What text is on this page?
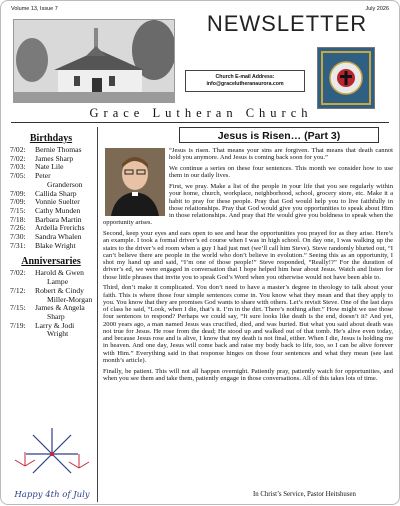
Volume 13, Issue 7	July 2026
NEWSLETTER
Church E-mail Address:
info@gracelutheranaurora.com
Grace Lutheran Church
Birthdays
7/02:	Bernie Thomas
7/02:	James Sharp
7/03:	Nate Lile
7/05:	Peter
Granderson
7/09:	Callida Sharp
7/09:	Vonnie Suelter
7/15:	Cathy Munden
7/18:	Barbara Martin
7/26:	Ardella Frerichs
7/30:	Sandra Whalen
7/31:	Blake Wright
Anniversaries
7/02:	Harold & Gwen
Lampe
7/12:	Robert & Cindy
Miller-Morgan
7/15:	James & Angela
Sharp
7/19:	Larry & Jodi
Wright
Happy 4th of July
Jesus is Risen… (Part 3)

“Jesus is risen. That means your sins are forgiven. That means that death cannot hold you anymore. And Jesus is coming back soon for you.”

We continue a series on these four sentences. This month we consider how to use them in our daily lives.

First, we pray. Make a list of the people in your life that you see regularly within your home, church, workplace, neighborhood, school, grocery store, etc. Make it a habit to pray for these people. Pray that God would help you to live faithfully in those relationships. Pray that God would give you opportunities to speak about Him in those relationships. And pray that He would give you boldness to speak when the opportunity arises.

Second, keep your eyes and ears open to see and hear the opportunities you prayed for as they arise. Here’s an example. I took a formal driver’s ed course when I was in high school. On day one, I was walking up the stairs to the driver’s ed room when a guy I had just met (we’ll call him Steve). Steve randomly blurted out, “I can’t believe there are people in the world who don’t believe in evolution.” Seeing this as an opportunity, I shot my hand up and said, “I’m one of those people!” Steve responded, “Really!?” For the duration of driver’s ed, we were engaged in conversation that I hope helped him hear about Jesus. Watch and listen for those little phrases that invite you to speak God’s Word when you otherwise would not have been able to.

Third, don’t make it complicated. You don’t need to have a master’s degree in theology to talk about your faith. This is where those four simple sentences come in. You know what they mean and that they apply to you. You know that they are promises God wants to share with others. Let’s revisit Steve. One of the last days of class he said, “Look, when I die, that’s it. I’m in the dirt. There’s nothing after.” How might we use those four sentences to respond? Perhaps we could say, “It sure looks like death is the end, doesn’t it? And yet, 2000 years ago, a man named Jesus was crucified, died, and was buried. But what you said about death was not true for Jesus. He rose from the dead; He stood up and walked out of that tomb. He’s alive even today, and because Jesus rose and is alive, I know that my death is not final, either. When I die, Jesus is holding me in heaven. And one day, Jesus will come back and raise my body back to life, too, so I can be alive forever with Him.” Everything said in that response hinges on those four sentences and what they mean (see last month’s article).

Finally, be patient. This will not all happen overnight. Patiently pray, patiently watch for opportunities, and when you see them and take them, patiently engage in those conversations. All of this takes lots of time.

In Christ’s Service, Pastor Heitshusen
